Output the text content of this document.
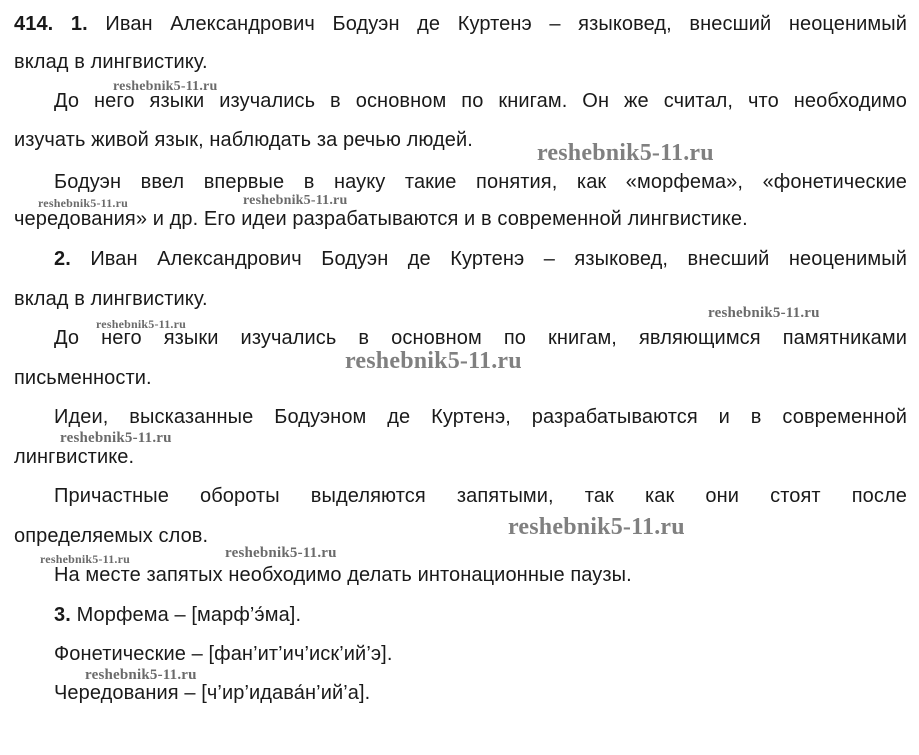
414. 1. Иван Александрович Бодуэн де Куртенэ – языковед, внесший неоценимый
вклад в лингвистику.
До него языки изучались в основном по книгам. Он же считал, что необходимо
изучать живой язык, наблюдать за речью людей.
Бодуэн ввел впервые в науку такие понятия, как «морфема», «фонетические
чередования» и др. Его идеи разрабатываются и в современной лингвистике.
2. Иван Александрович Бодуэн де Куртенэ – языковед, внесший неоценимый
вклад в лингвистику.
До него языки изучались в основном по книгам, являющимся памятниками
письменности.
Идеи, высказанные Бодуэном де Куртенэ, разрабатываются и в современной
лингвистике.
Причастные обороты выделяются запятыми, так как они стоят после
определяемых слов.
На месте запятых необходимо делать интонационные паузы.
3. Морфема – [марф’э́ма].
Фонетические – [фан’ит’ич’иск’ий’э].
Чередования – [ч’ир’идава́н’ий’а].
reshebnik5-11.ru
reshebnik5-11.ru
reshebnik5-11.ru	reshebnik5-11.ru
reshebnik5-11.ru
reshebnik5-11.ru
reshebnik5-11.ru
reshebnik5-11.ru
reshebnik5-11.ru
reshebnik5-11.ru	reshebnik5-11.ru
reshebnik5-11.ru
